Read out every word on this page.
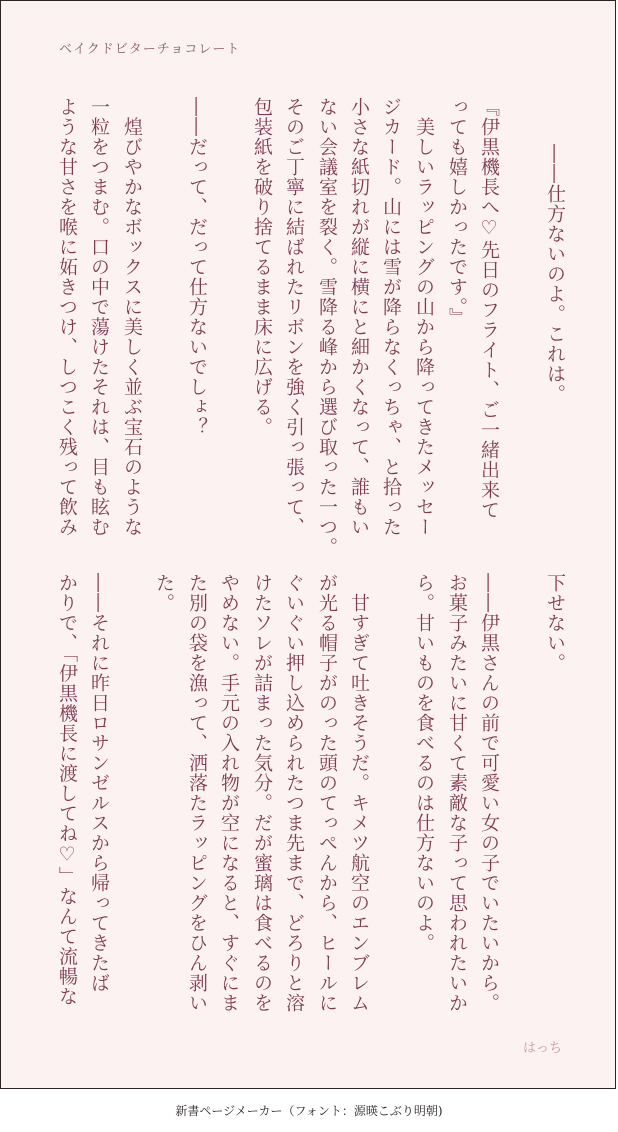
ベイクドビターチョコレート
――仕方ないのよ。これは。
『伊黒機長へ♡先日のフライト、ご一緒出来て
っても嬉しかったです。』
　美しいラッピングの山から降ってきたメッセー
ジカード。山には雪が降らなくっちゃ、と拾った
小さな紙切れが縦に横にと細かくなって、誰もい
ない会議室を裂く。雪降る峰から選び取った一つ。
そのご丁寧に結ばれたリボンを強く引っ張って、
包装紙を破り捨てるまま床に広げる。
――だって、だって仕方ないでしょ？
　煌びやかなボックスに美しく並ぶ宝石のような
一粒をつまむ。口の中で蕩けたそれは、目も眩む
ような甘さを喉に妬きつけ、しつこく残って飲み
下せない。
――伊黒さんの前で可愛い女の子でいたいから。
お菓子みたいに甘くて素敵な子って思われたいか
ら。甘いものを食べるのは仕方ないのよ。
　甘すぎて吐きそうだ。キメツ航空のエンブレム
が光る帽子がのった頭のてっぺんから、ヒールに
ぐいぐい押し込められたつま先まで、どろりと溶
けたソレが詰まった気分。だが蜜璃は食べるのを
やめない。手元の入れ物が空になると、すぐにま
た別の袋を漁って、洒落たラッピングをひん剥い
た。
――それに昨日ロサンゼルスから帰ってきたば
かりで、「伊黒機長に渡してね♡」なんて流暢な
はっち
新書ページメーカー（フォント：源暎こぶり明朝)
